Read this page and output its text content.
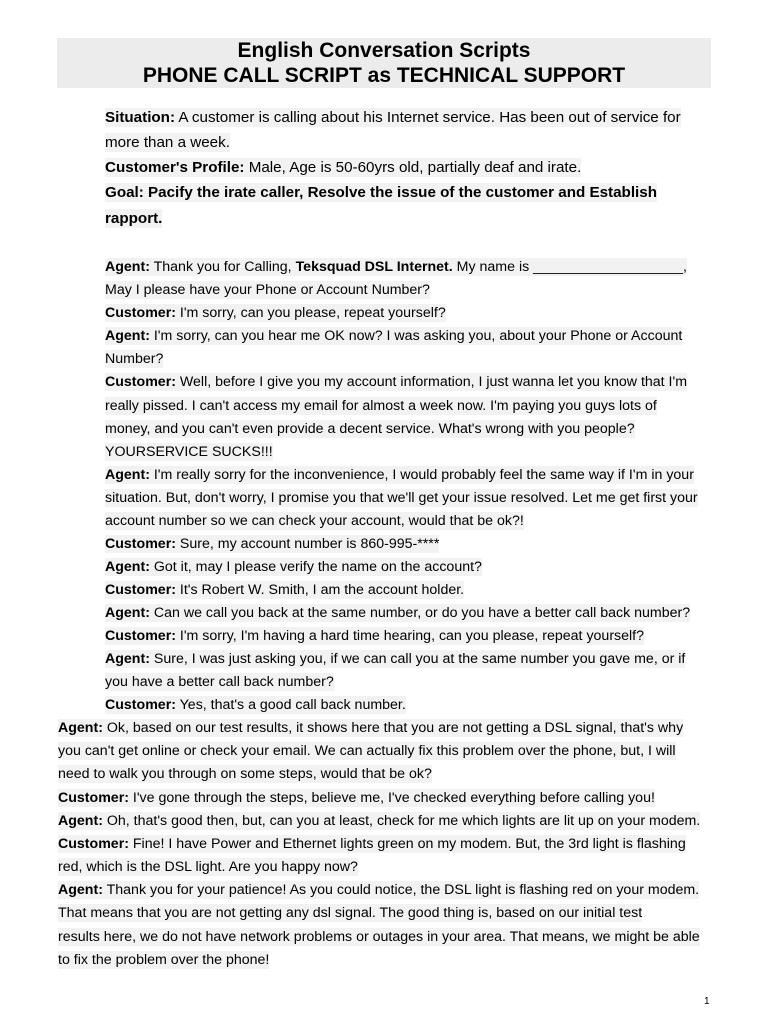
English Conversation Scripts

PHONE CALL SCRIPT as TECHNICAL SUPPORT

Situation: A customer is calling about his Internet service. Has been out of service for
more than a week.
Customer's Profile: Male, Age is 50-60yrs old, partially deaf and irate.
Goal: Pacify the irate caller, Resolve the issue of the customer and Establish
rapport.
Agent: Thank you for Calling, Teksquad DSL Internet. My name is ___________________,
May I please have your Phone or Account Number?
Customer: I'm sorry, can you please, repeat yourself?
Agent: I'm sorry, can you hear me OK now? I was asking you, about your Phone or Account
Number?
Customer: Well, before I give you my account information, I just wanna let you know that I'm
really pissed. I can't access my email for almost a week now. I'm paying you guys lots of
money, and you can't even provide a decent service. What's wrong with you people?
YOURSERVICE SUCKS!!!
Agent: I'm really sorry for the inconvenience, I would probably feel the same way if I'm in your
situation. But, don't worry, I promise you that we'll get your issue resolved. Let me get first your
account number so we can check your account, would that be ok?!
Customer: Sure, my account number is 860-995-****
Agent: Got it, may I please verify the name on the account?
Customer: It's Robert W. Smith, I am the account holder.
Agent: Can we call you back at the same number, or do you have a better call back number?
Customer: I'm sorry, I'm having a hard time hearing, can you please, repeat yourself?
Agent: Sure, I was just asking you, if we can call you at the same number you gave me, or if
you have a better call back number?
Customer: Yes, that's a good call back number.
Agent: Ok, based on our test results, it shows here that you are not getting a DSL signal, that's why
you can't get online or check your email. We can actually fix this problem over the phone, but, I will
need to walk you through on some steps, would that be ok?
Customer: I've gone through the steps, believe me, I've checked everything before calling you!
Agent: Oh, that's good then, but, can you at least, check for me which lights are lit up on your modem.
Customer: Fine! I have Power and Ethernet lights green on my modem. But, the 3rd light is flashing
red, which is the DSL light. Are you happy now?
Agent: Thank you for your patience! As you could notice, the DSL light is flashing red on your modem.
That means that you are not getting any dsl signal. The good thing is, based on our initial test
results here, we do not have network problems or outages in your area. That means, we might be able
to fix the problem over the phone!
1
